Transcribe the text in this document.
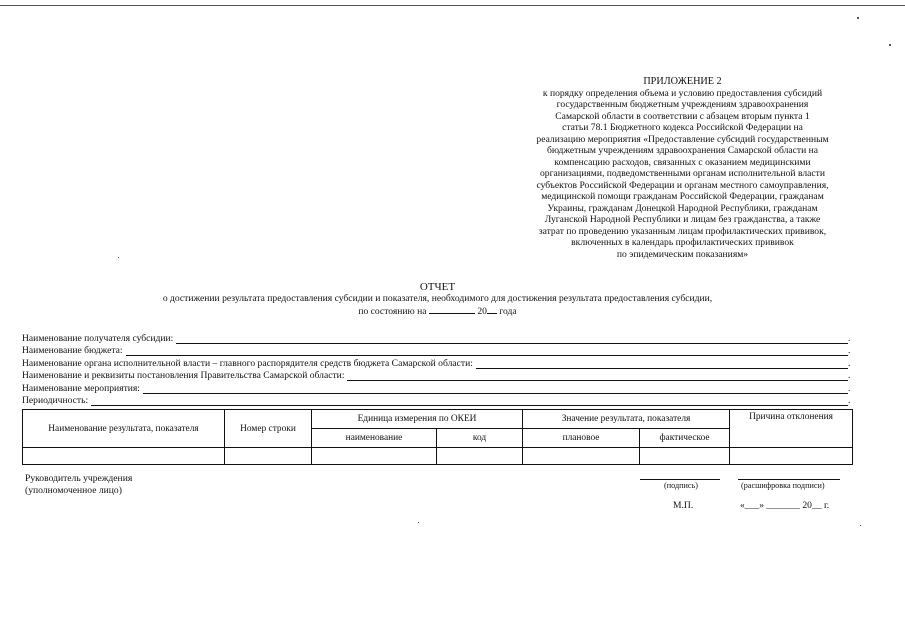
ПРИЛОЖЕНИЕ 2
к порядку определения объема и условию предоставления субсидий
государственным бюджетным учреждениям здравоохранения
Самарской области в соответствии с абзацем вторым пункта 1
статьи 78.1 Бюджетного кодекса Российской Федерации на
реализацию мероприятия «Предоставление субсидий государственным
бюджетным учреждениям здравоохранения Самарской области на
компенсацию расходов, связанных с оказанием медицинскими
организациями, подведомственными органам исполнительной власти
субъектов Российской Федерации и органам местного самоуправления,
медицинской помощи гражданам Российской Федерации, гражданам
Украины, гражданам Донецкой Народной Республики, гражданам
Луганской Народной Республики и лицам без гражданства, а также
затрат по проведению указанным лицам профилактических прививок,
включенных в календарь профилактических прививок
по эпидемическим показаниям»
ОТЧЕТ
о достижении результата предоставления субсидии и показателя, необходимого для достижения результата предоставления субсидии,
по состоянию на	20 года
Наименование получателя субсидии:	.
Наименование бюджета:	.
Наименование органа исполнительной власти – главного распорядителя средств бюджета Самарской области:	.
Наименование и реквизиты постановления Правительства Самарской области:	.
Наименование мероприятия:	.
Периодичность:	.
Наименование результата, показателя	Номер строки	Единица измерения по ОКЕИ		Значение результата, показателя		Причина отклонения
		наименование	код	плановое	фактическое	

Руководитель учреждения
(уполномоченное лицо)	(подпись)	(расшифровка подписи)
М.П.	«___» _______ 20__ г.
